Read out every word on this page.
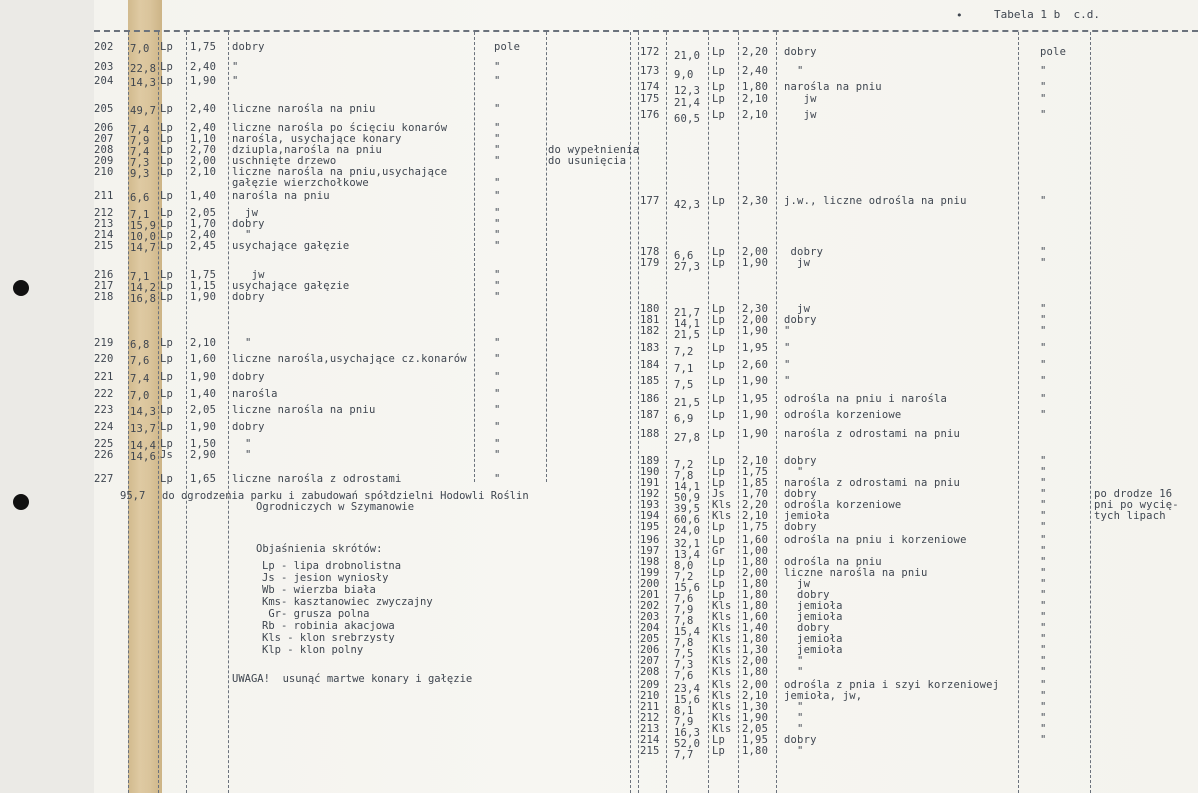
•	Tabela 1 b  c.d.
202 7,0 Lp 1,75 dobry	pole
203 22,8 Lp 2,40 "	"
204 14,3 Lp 1,90 "	"
205 49,7 Lp 2,40 liczne narośla na pniu	"
206 7,4 Lp 2,40 liczne narośla po ścięciu konarów	"
207 7,9 Lp 1,10 narośla, usychające konary	"
208 7,4 Lp 2,70 dziupla,narośla na pniu	"	do wypełnienia
209 7,3 Lp 2,00 uschnięte drzewo	"	do usunięcia
210 9,3 Lp 2,10 liczne narośla na pniu,usychające
gałęzie wierzchołkowe	"
211 6,6 Lp 1,40 narośla na pniu	"
212 7,1 Lp 2,05 jw	"
213 15,9 Lp 1,70 dobry	"
214 10,0 Lp 2,40 "	"
215 14,7 Lp 2,45 usychające gałęzie	"
216 7,1 Lp 1,75 jw	"
217 14,2 Lp 1,15 usychające gałęzie	"
218 16,8 Lp 1,90 dobry	"
219 6,8 Lp 2,10 "	"
220 7,6 Lp 1,60 liczne narośla,usychające cz.konarów	"
221 7,4 Lp 1,90 dobry	"
222 7,0 Lp 1,40 narośla	"
223 14,3 Lp 2,05 liczne narośla na pniu	"
224 13,7 Lp 1,90 dobry	"
225 14,4 Lp 1,50 "	"
226 14,6 Js 2,90 "	"
227	Lp 1,65 liczne narośla z odrostami	"
172 21,0 Lp 2,20 dobry	pole
173 9,0 Lp 2,40 "	"
174 12,3 Lp 1,80 narośla na pniu	"
175 21,4 Lp 2,10 jw	"
176 60,5 Lp 2,10 jw	"
177 42,3 Lp 2,30 j.w., liczne odrośla na pniu	"
178 6,6 Lp 2,00 dobry	"
179 27,3 Lp 1,90 jw	"
180 21,7 Lp 2,30 jw	"
181 14,1 Lp 2,00 dobry	"
182 21,5 Lp 1,90 "	"
183 7,2 Lp 1,95 "	"
184 7,1 Lp 2,60 "	"
185 7,5 Lp 1,90 "	"
186 21,5 Lp 1,95 odrośla na pniu i narośla	"
187 6,9 Lp 1,90 odrośla korzeniowe	"
188 27,8 Lp 1,90 narośla z odrostami na pniu
189 7,2 Lp 2,10 dobry	"
190 7,8 Lp 1,75 "	"
191 14,1 Lp 1,85 narośla z odrostami na pniu	"
192 50,9 Js 1,70 dobry	"	po drodze 16
193 39,5 Kls 2,20 odrośla korzeniowe	"	pni po wycię-
194 60,6 Kls 2,10 jemioła	"	tych lipach
195 24,0 Lp 1,75 dobry	"
196 32,1 Lp 1,60 odrośla na pniu i korzeniowe	"
197 13,4 Gr 1,00	"
198 8,0 Lp 1,80 odrośla na pniu	"
199 7,2 Lp 2,00 liczne narośla na pniu	"
200 15,6 Lp 1,80 jw	"
201 7,6 Lp 1,80 dobry	"
202 7,9 Kls 1,80 jemioła	"
203 7,8 Kls 1,60 jemioła	"
204 15,4 Kls 1,40 dobry	"
205 7,8 Kls 1,80 jemioła	"
206 7,5 Kls 1,30 jemioła	"
207 7,3 Kls 2,00 "	"
208 7,6 Kls 1,80 "	"
209 23,4 Kls 2,00 odrośla z pnia i szyi korzeniowej	"
210 15,6 Kls 2,10 jemioła, jw,	"
211 8,1 Kls 1,30 "	"
212 7,9 Kls 1,90 "	"
213 16,3 Kls 2,05 "	"
214 52,0 Lp 1,95 dobry	"
215 7,7 Lp 1,80 "
95,7 do ogrodzenia parku i zabudowań spółdzielni Hodowli Roślin
Ogrodniczych w Szymanowie
Objaśnienia skrótów:
Lp - lipa drobnolistna
Js - jesion wyniosły
Wb - wierzba biała
Kms- kasztanowiec zwyczajny
Gr- grusza polna
Rb - robinia akacjowa
Kls - klon srebrzysty
Klp - klon polny
UWAGA!  usunąć martwe konary i gałęzie
